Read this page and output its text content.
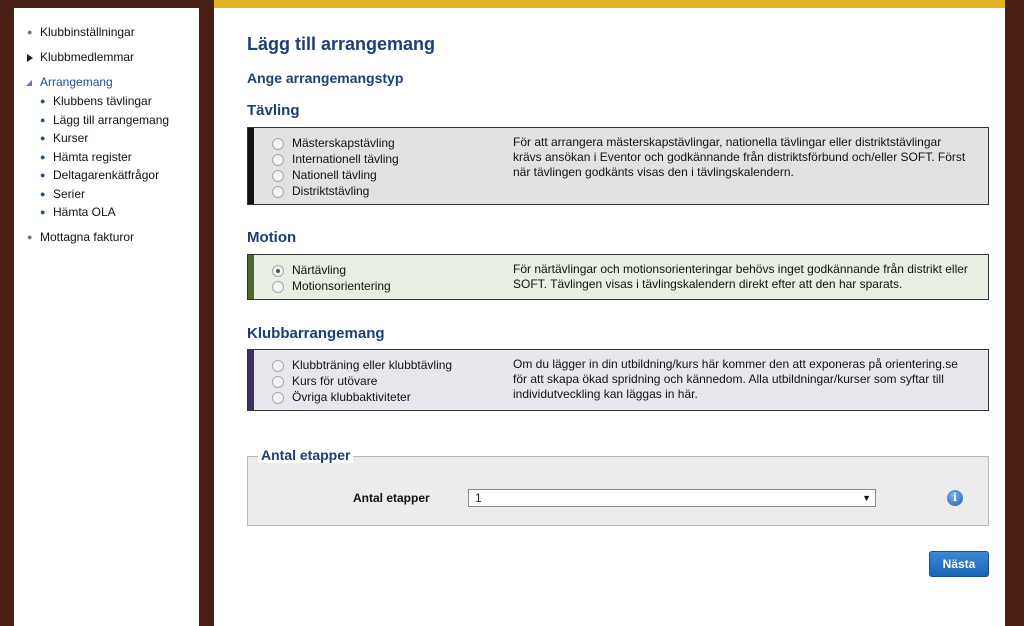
● Klubbinställningar
Klubbmedlemmar
Arrangemang
● Klubbens tävlingar
● Lägg till arrangemang
● Kurser
● Hämta register
● Deltagarenkätfrågor
● Serier
● Hämta OLA
● Mottagna fakturor
Lägg till arrangemang
Ange arrangemangstyp
Tävling
Mästerskapstävling
Internationell tävling
Nationell tävling
Distriktstävling

För att arrangera mästerskapstävlingar, nationella tävlingar eller distriktstävlingar krävs ansökan i Eventor och godkännande från distriktsförbund och/eller SOFT. Först när tävlingen godkänts visas den i tävlingskalendern.

Motion
Närtävling
Motionsorientering

För närtävlingar och motionsorienteringar behövs inget godkännande från distrikt eller SOFT. Tävlingen visas i tävlingskalendern direkt efter att den har sparats.

Klubbarrangemang
Klubbträning eller klubbtävling
Kurs för utövare
Övriga klubbaktiviteter

Om du lägger in din utbildning/kurs här kommer den att exponeras på orientering.se för att skapa ökad spridning och kännedom. Alla utbildningar/kurser som syftar till individutveckling kan läggas in här.

Antal etapper
Antal etapper	1	▼	i
Nästa
